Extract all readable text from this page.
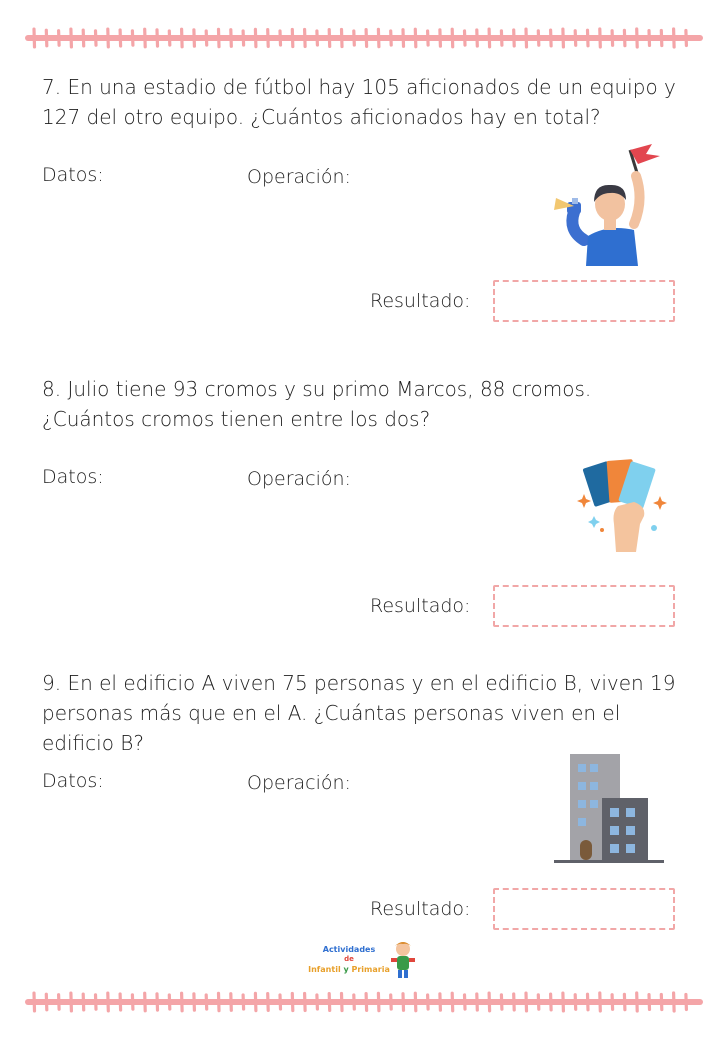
7. En una estadio de fútbol hay 105 aficionados de un equipo y 127 del otro equipo. ¿Cuántos aficionados hay en total?

Datos:	Operación:
Resultado:

8. Julio tiene 93 cromos y su primo Marcos, 88 cromos. ¿Cuántos cromos tienen entre los dos?

Datos:	Operación:
Resultado:

9. En el edificio A viven 75 personas y en el edificio B, viven 19 personas más que en el A. ¿Cuántas personas viven en el edificio B?

Datos:	Operación:
Resultado:
Actividades
de
Infantil y Primaria
